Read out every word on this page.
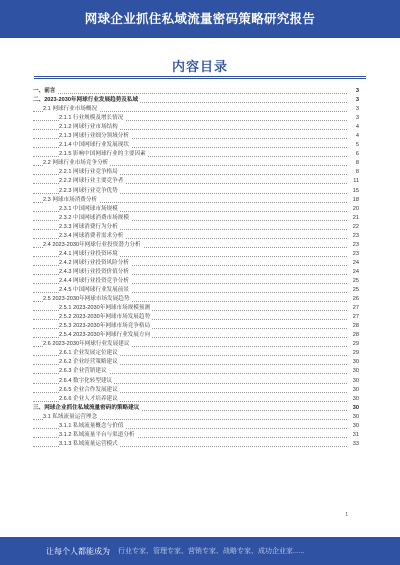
网球企业抓住私域流量密码策略研究报告
内容目录
一、前言	3
二、2023-2030年网球行业发展趋势及私域	3
2.1 网球行业市场概况	3
2.1.1 行业规模及增长情况	3
2.1.2 网球行业市场结构	4
2.1.3 网球行业细分领域分析	4
2.1.4 中国网球行业发展现状	5
2.1.5 影响中国网球行业的主要因素	6
2.2 网球行业市场竞争分析	8
2.2.1 网球行业竞争格局	8
2.2.2 网球行业主要竞争者	11
2.2.3 网球行业竞争优势	15
2.3 网球市场消费分析	18
2.3.1 中国网球市场规模	20
2.3.2 中国网球消费市场规模	21
2.3.3 网球消费行为分析	22
2.3.4 网球消费者需求分析	23
2.4 2023-2030年网球行业投资潜力分析	23
2.4.1 网球行业投资环境	23
2.4.2 网球行业投资风险分析	24
2.4.3 网球行业投资价值分析	24
2.4.4 网球行业投资竞争分析	25
2.4.5 中国网球行业发展前景	25
2.5 2023-2030年网球市场发展趋势	26
2.5.1 2023-2030年网球市场规模预测	27
2.5.2 2023-2030年网球市场发展趋势	27
2.5.3 2023-2030年网球市场竞争格局	28
2.5.4 2023-2030年网球行业发展方向	28
2.6 2023-2030年网球行业发展建议	29
2.6.1 企业发展定位建议	29
2.6.2 企业经营策略建议	30
2.6.3 企业营销建议	30
2.6.4 数字化转型建议	30
2.6.5 企业合作发展建议	30
2.6.6 企业人才培养建议	30
三、网球企业抓住私域流量密码的策略建议	30
3.1 私域流量运营理念	30
3.1.1 私域流量概念与价值	30
3.1.2 私域流量平台与渠道分析	31
3.1.3 私域流量运营模式	33
1
让每个人都能成为 行业专家、管理专家、营销专家、战略专家、成功企业家......
